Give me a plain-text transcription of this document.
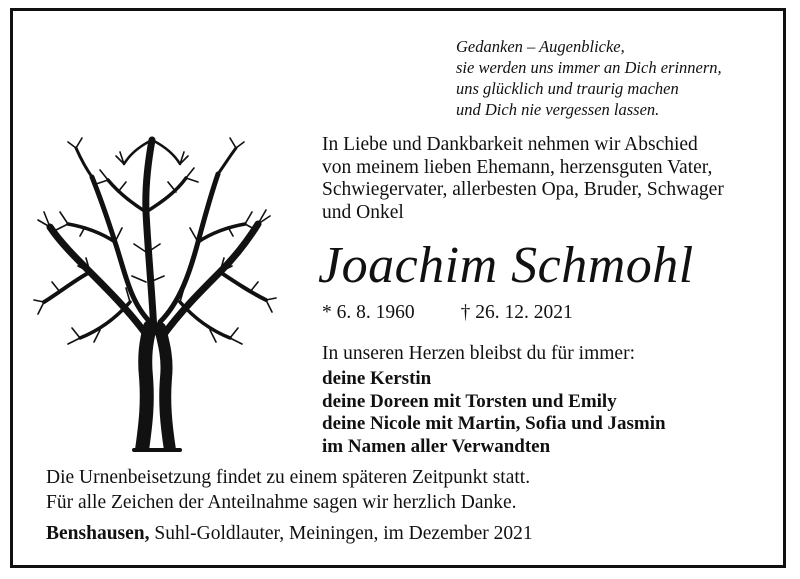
Gedanken – Augenblicke,
sie werden uns immer an Dich erinnern,
uns glücklich und traurig machen
und Dich nie vergessen lassen.
In Liebe und Dankbarkeit nehmen wir Abschied
von meinem lieben Ehemann, herzensguten Vater,
Schwiegervater, allerbesten Opa, Bruder, Schwager
und Onkel
Joachim Schmohl
* 6. 8. 1960 † 26. 12. 2021
In unseren Herzen bleibst du für immer:
deine Kerstin
deine Doreen mit Torsten und Emily
deine Nicole mit Martin, Sofia und Jasmin
im Namen aller Verwandten
Die Urnenbeisetzung findet zu einem späteren Zeitpunkt statt.
Für alle Zeichen der Anteilnahme sagen wir herzlich Danke.
Benshausen, Suhl-Goldlauter, Meiningen, im Dezember 2021
